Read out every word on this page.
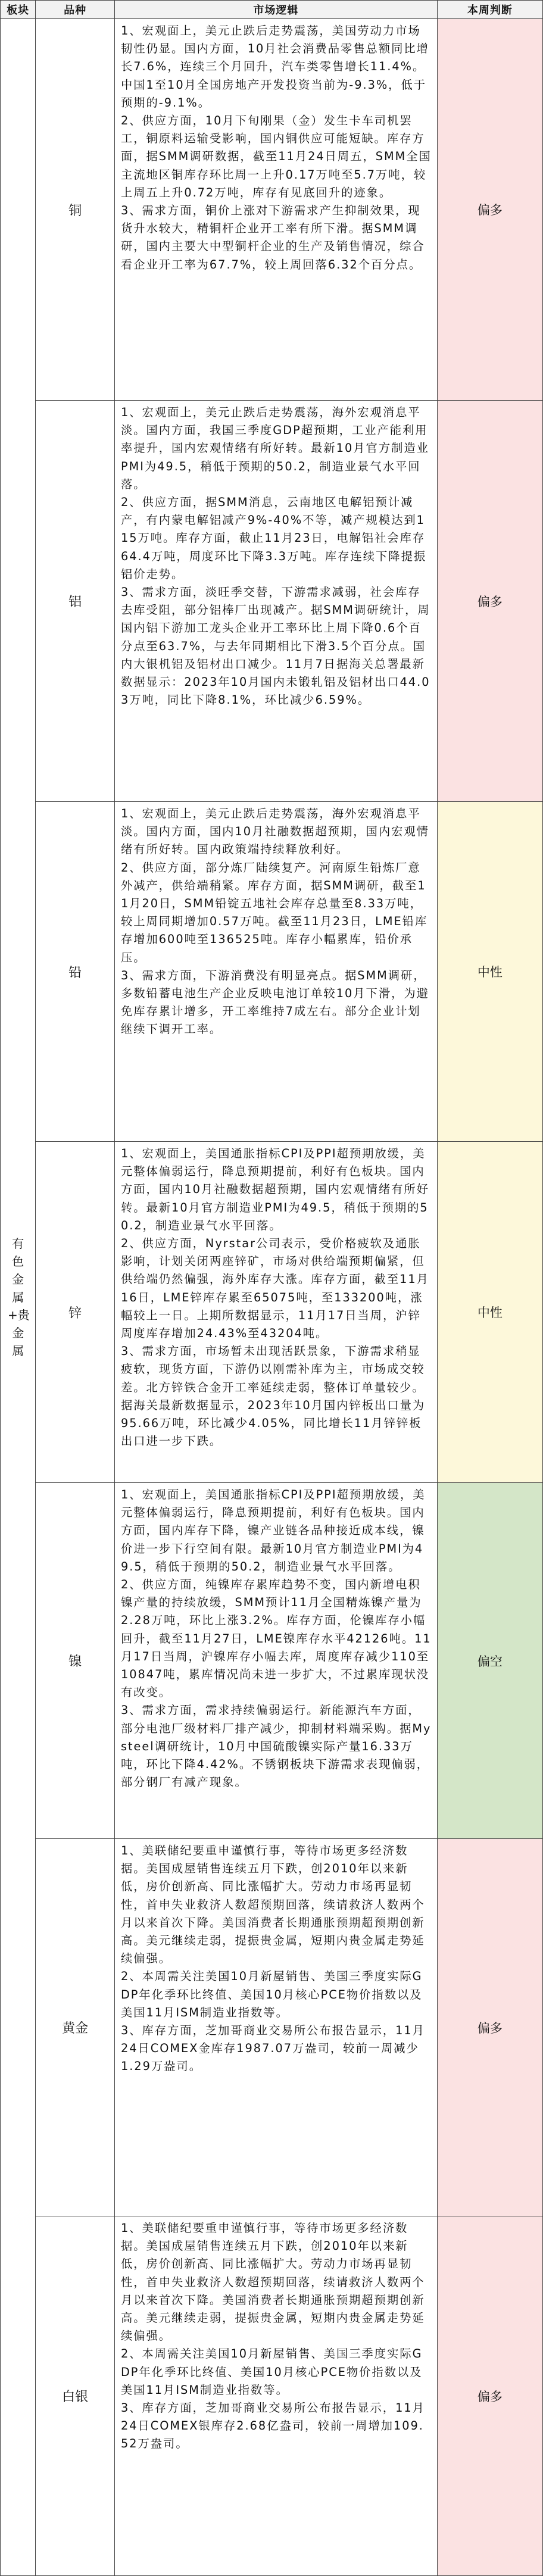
板块	品种	市场逻辑	本周判断
有色金属+贵金属	铜	1、宏观面上，美元止跌后走势震荡，美国劳动力市场韧性仍显。国内方面，10月社会消费品零售总额同比增长7.6%，连续三个月回升，汽车类零售增长11.4%。中国1至10月全国房地产开发投资当前为-9.3%，低于预期的-9.1%。
2、供应方面，10月下旬刚果（金）发生卡车司机罢工，铜原料运输受影响，国内铜供应可能短缺。库存方面，据SMM调研数据，截至11月24日周五，SMM全国主流地区铜库存环比周一上升0.17万吨至5.7万吨，较上周五上升0.72万吨，库存有见底回升的迹象。
3、需求方面，铜价上涨对下游需求产生抑制效果，现货升水较大，精铜杆企业开工率有所下滑。据SMM调研，国内主要大中型铜杆企业的生产及销售情况，综合看企业开工率为67.7%，较上周回落6.32个百分点。	偏多
	铝	1、宏观面上，美元止跌后走势震荡，海外宏观消息平淡。国内方面，我国三季度GDP超预期，工业产能利用率提升，国内宏观情绪有所好转。最新10月官方制造业PMI为49.5，稍低于预期的50.2，制造业景气水平回落。
2、供应方面，据SMM消息，云南地区电解铝预计减产，有内蒙电解铝减产9%-40%不等，减产规模达到115万吨。库存方面，截止11月23日，电解铝社会库存64.4万吨，周度环比下降3.3万吨。库存连续下降提振铝价走势。
3、需求方面，淡旺季交替，下游需求减弱，社会库存去库受阻，部分铝棒厂出现减产。据SMM调研统计，周国内铝下游加工龙头企业开工率环比上周下降0.6个百分点至63.7%，与去年同期相比下滑3.5个百分点。国内大银机铝及铝材出口减少。11月7日据海关总署最新数据显示：2023年10月国内未锻轧铝及铝材出口44.03万吨，同比下降8.1%，环比减少6.59%。	偏多
	铅	1、宏观面上，美元止跌后走势震荡，海外宏观消息平淡。国内方面，国内10月社融数据超预期，国内宏观情绪有所好转。国内政策端持续释放利好。
2、供应方面，部分炼厂陆续复产。河南原生铅炼厂意外减产，供给端稍紧。库存方面，据SMM调研，截至11月20日，SMM铅锭五地社会库存总量至8.33万吨，较上周同期增加0.57万吨。截至11月23日，LME铅库存增加600吨至136525吨。库存小幅累库，铅价承压。
3、需求方面，下游消费没有明显亮点。据SMM调研，多数铅蓄电池生产企业反映电池订单较10月下滑，为避免库存累计增多，开工率维持7成左右。部分企业计划继续下调开工率。	中性
	锌	1、宏观面上，美国通胀指标CPI及PPI超预期放缓，美元整体偏弱运行，降息预期提前，利好有色板块。国内方面，国内10月社融数据超预期，国内宏观情绪有所好转。最新10月官方制造业PMI为49.5，稍低于预期的50.2，制造业景气水平回落。
2、供应方面，Nyrstar公司表示，受价格疲软及通胀影响，计划关闭两座锌矿，市场对供给端预期偏紧，但供给端仍然偏强，海外库存大涨。库存方面，截至11月16日，LME锌库存累至65075吨，至133200吨，涨幅较上一日。上期所数据显示，11月17日当周，沪锌周度库存增加24.43%至43204吨。
3、需求方面，市场暂未出现活跃景象，下游需求稍显疲软，现货方面，下游仍以刚需补库为主，市场成交较差。北方锌铁合金开工率延续走弱，整体订单量较少。据海关最新数据显示，2023年10月国内锌板出口量为95.66万吨，环比减少4.05%，同比增长11月锌锌板出口进一步下跌。	中性
	镍	1、宏观面上，美国通胀指标CPI及PPI超预期放缓，美元整体偏弱运行，降息预期提前，利好有色板块。国内方面，国内库存下降，镍产业链各品种接近成本线，镍价进一步下行空间有限。最新10月官方制造业PMI为49.5，稍低于预期的50.2，制造业景气水平回落。
2、供应方面，纯镍库存累库趋势不变，国内新增电积镍产量的持续放缓，SMM预计11月全国精炼镍产量为2.28万吨，环比上涨3.2%。库存方面，伦镍库存小幅回升，截至11月27日，LME镍库存水平42126吨。11月17日当周，沪镍库存小幅去库，周度库存减少110至10847吨，累库情况尚未进一步扩大，不过累库现状没有改变。
3、需求方面，需求持续偏弱运行。新能源汽车方面，部分电池厂级材料厂排产减少，抑制材料端采购。据Mysteel调研统计，10月中国硫酸镍实际产量16.33万吨，环比下降4.42%。不锈钢板块下游需求表现偏弱，部分钢厂有减产现象。	偏空
	黄金	1、美联储纪要重申谨慎行事，等待市场更多经济数据。美国成屋销售连续五月下跌，创2010年以来新低，房价创新高、同比涨幅扩大。劳动力市场再显韧性，首申失业救济人数超预期回落，续请救济人数两个月以来首次下降。美国消费者长期通胀预期超预期创新高。美元继续走弱，提振贵金属，短期内贵金属走势延续偏强。
2、本周需关注美国10月新屋销售、美国三季度实际GDP年化季环比终值、美国10月核心PCE物价指数以及美国11月ISM制造业指数等。
3、库存方面，芝加哥商业交易所公布报告显示，11月24日COMEX金库存1987.07万盎司，较前一周减少1.29万盎司。	偏多
	白银	1、美联储纪要重申谨慎行事，等待市场更多经济数据。美国成屋销售连续五月下跌，创2010年以来新低，房价创新高、同比涨幅扩大。劳动力市场再显韧性，首申失业救济人数超预期回落，续请救济人数两个月以来首次下降。美国消费者长期通胀预期超预期创新高。美元继续走弱，提振贵金属，短期内贵金属走势延续偏强。
2、本周需关注美国10月新屋销售、美国三季度实际GDP年化季环比终值、美国10月核心PCE物价指数以及美国11月ISM制造业指数等。
3、库存方面，芝加哥商业交易所公布报告显示，11月24日COMEX银库存2.68亿盎司，较前一周增加109.52万盎司。	偏多
